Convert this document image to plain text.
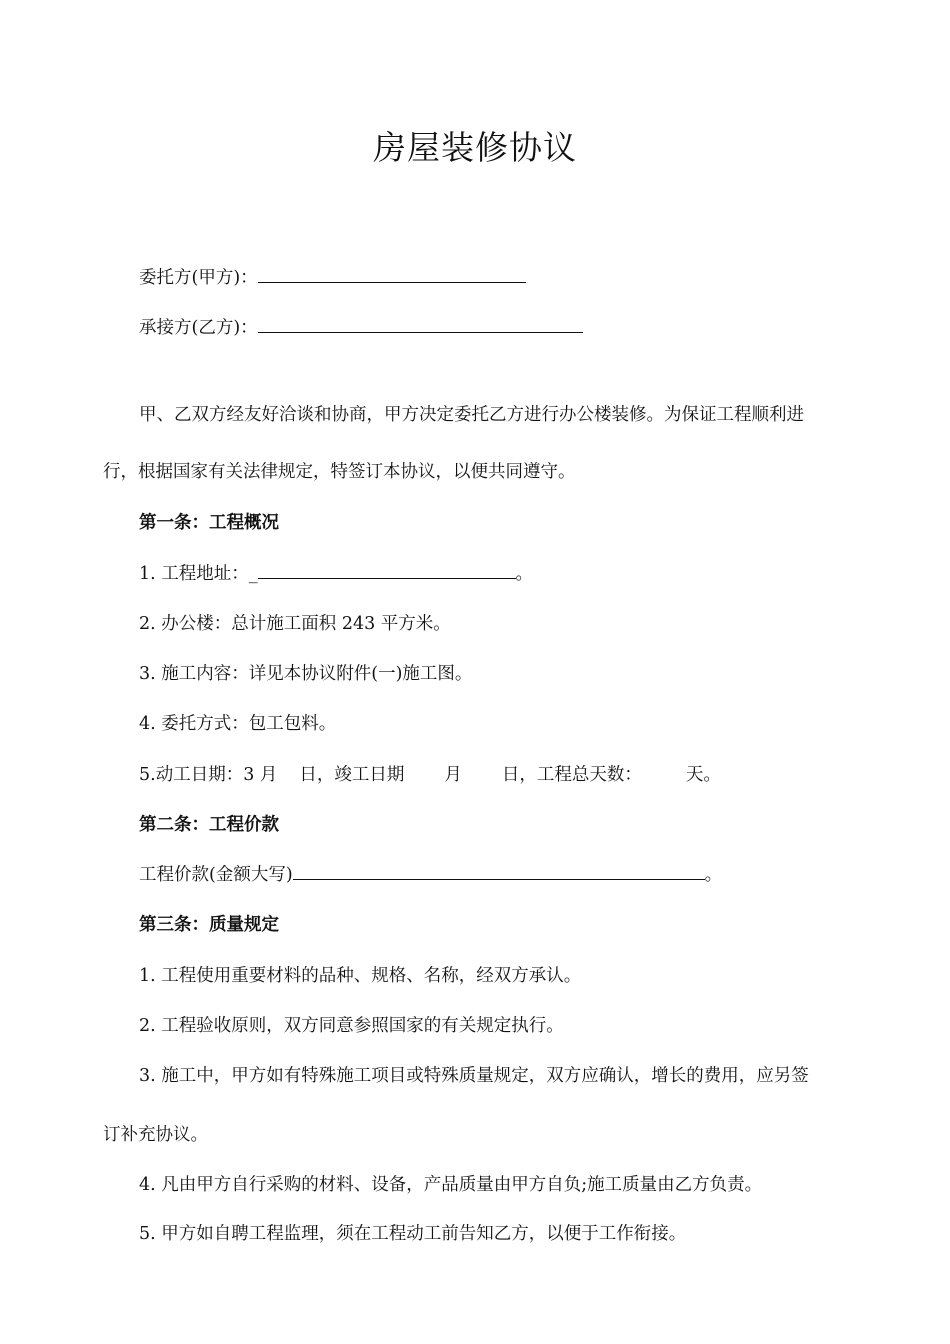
房屋装修协议
委托方(甲方)：
承接方(乙方)：
甲、乙双方经友好洽谈和协商，甲方决定委托乙方进行办公楼装修。为保证工程顺利进
行，根据国家有关法律规定，特签订本协议，以便共同遵守。
第一条：工程概况
1. 工程地址：_	。
2. 办公楼：总计施工面积 243 平方米。
3. 施工内容：详见本协议附件(一)施工图。
4. 委托方式：包工包料。
5.动工日期：3 月 日，竣工日期 月 日，工程总天数：	天。
第二条：工程价款
工程价款(金额大写)	。
第三条：质量规定
1. 工程使用重要材料的品种、规格、名称，经双方承认。
2. 工程验收原则，双方同意参照国家的有关规定执行。
3. 施工中，甲方如有特殊施工项目或特殊质量规定，双方应确认，增长的费用，应另签
订补充协议。
4. 凡由甲方自行采购的材料、设备，产品质量由甲方自负;施工质量由乙方负责。
5. 甲方如自聘工程监理，须在工程动工前告知乙方，以便于工作衔接。
